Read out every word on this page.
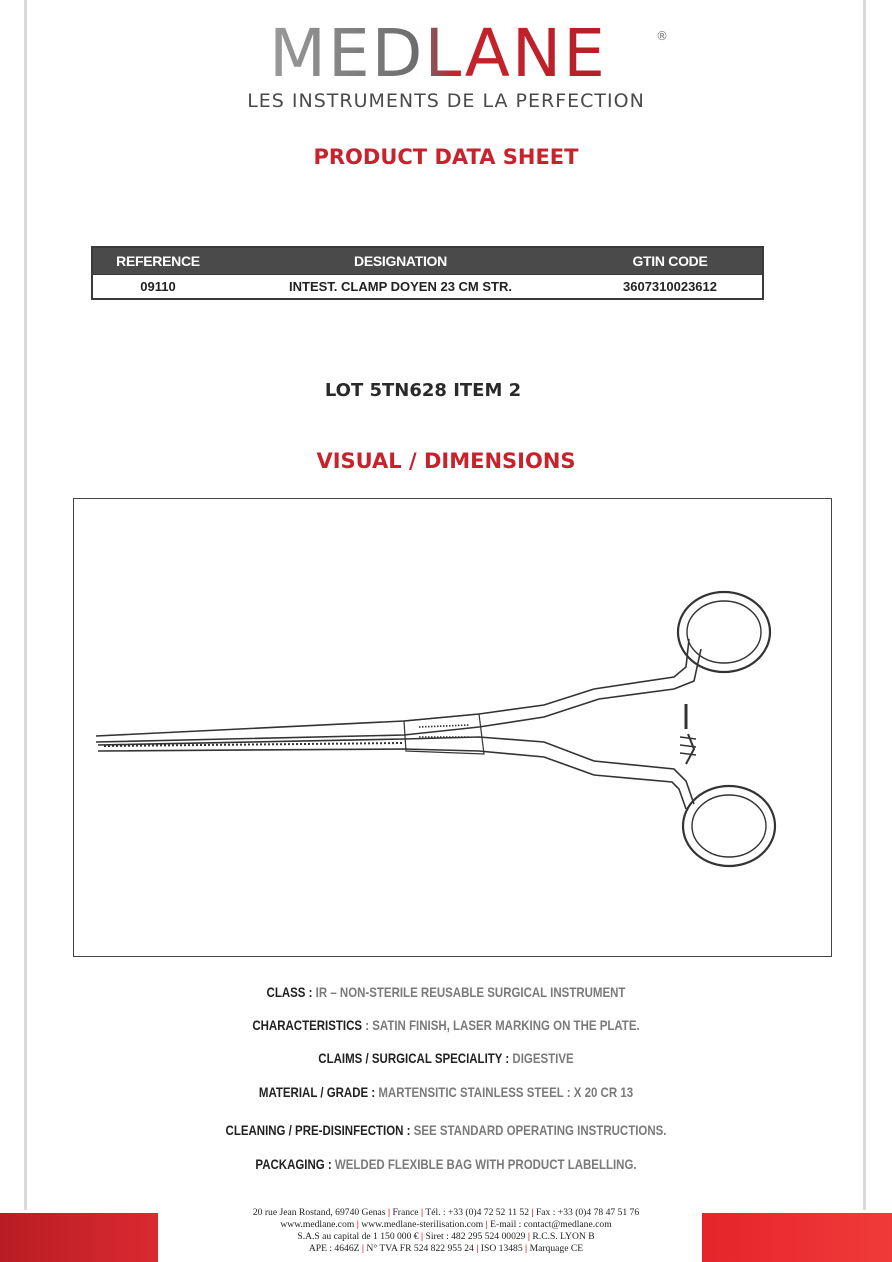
MEDLANE	®
LES INSTRUMENTS DE LA PERFECTION
PRODUCT DATA SHEET
REFERENCE	DESIGNATION	GTIN CODE
09110	INTEST. CLAMP DOYEN 23 CM STR.	3607310023612
LOT 5TN628 ITEM 2
VISUAL / DIMENSIONS
CLASS : IR – NON-STERILE REUSABLE SURGICAL INSTRUMENT
CHARACTERISTICS : SATIN FINISH, LASER MARKING ON THE PLATE.
CLAIMS / SURGICAL SPECIALITY : DIGESTIVE
MATERIAL / GRADE : MARTENSITIC STAINLESS STEEL : X 20 CR 13
CLEANING / PRE-DISINFECTION : SEE STANDARD OPERATING INSTRUCTIONS.
PACKAGING : WELDED FLEXIBLE BAG WITH PRODUCT LABELLING.
20 rue Jean Rostand, 69740 Genas | France | Tél. : +33 (0)4 72 52 11 52 | Fax : +33 (0)4 78 47 51 76
www.medlane.com | www.medlane-sterilisation.com | E-mail : contact@medlane.com
S.A.S au capital de 1 150 000 € | Siret : 482 295 524 00029 | R.C.S. LYON B
APE : 4646Z | N° TVA FR 524 822 955 24 | ISO 13485 | Marquage CE
